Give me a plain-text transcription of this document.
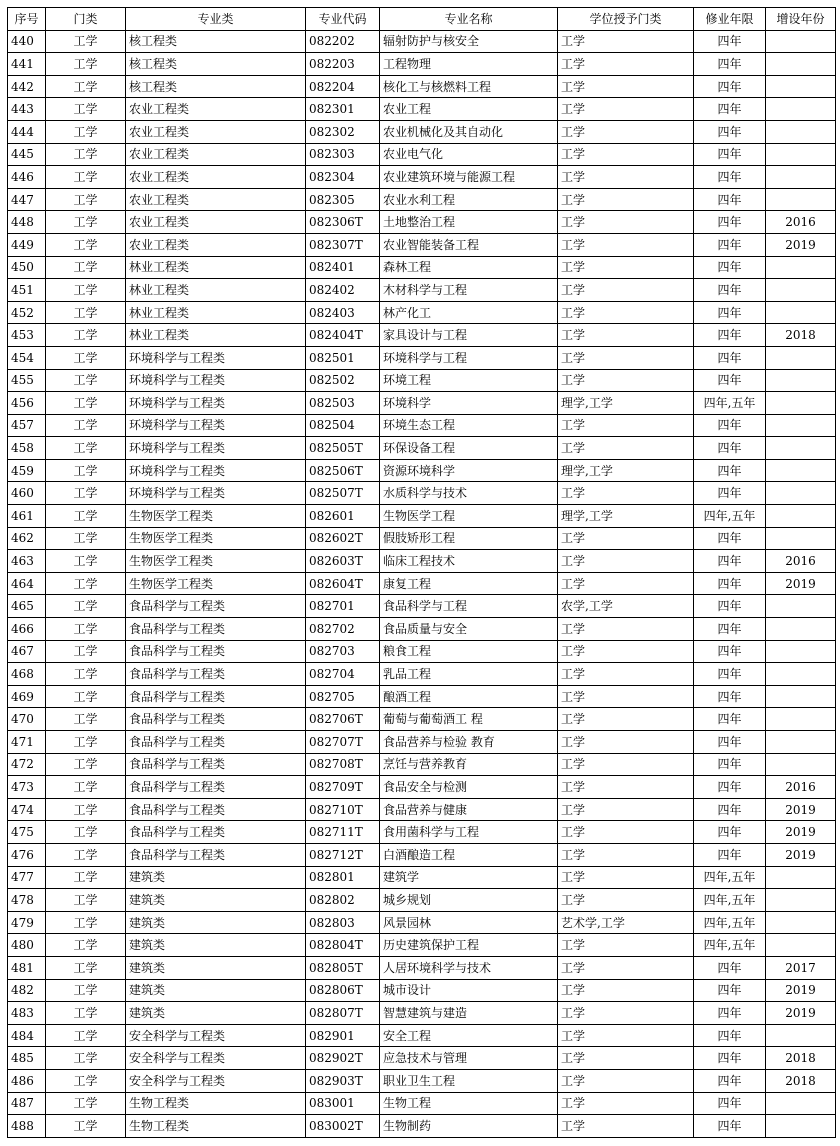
序号	门类	专业类	专业代码	专业名称	学位授予门类	修业年限	增设年份
440	工学	核工程类	082202	辐射防护与核安全	工学	四年	
441	工学	核工程类	082203	工程物理	工学	四年	
442	工学	核工程类	082204	核化工与核燃料工程	工学	四年	
443	工学	农业工程类	082301	农业工程	工学	四年	
444	工学	农业工程类	082302	农业机械化及其自动化	工学	四年	
445	工学	农业工程类	082303	农业电气化	工学	四年	
446	工学	农业工程类	082304	农业建筑环境与能源工程	工学	四年	
447	工学	农业工程类	082305	农业水利工程	工学	四年	
448	工学	农业工程类	082306T	土地整治工程	工学	四年	2016
449	工学	农业工程类	082307T	农业智能装备工程	工学	四年	2019
450	工学	林业工程类	082401	森林工程	工学	四年	
451	工学	林业工程类	082402	木材科学与工程	工学	四年	
452	工学	林业工程类	082403	林产化工	工学	四年	
453	工学	林业工程类	082404T	家具设计与工程	工学	四年	2018
454	工学	环境科学与工程类	082501	环境科学与工程	工学	四年	
455	工学	环境科学与工程类	082502	环境工程	工学	四年	
456	工学	环境科学与工程类	082503	环境科学	理学,工学	四年,五年	
457	工学	环境科学与工程类	082504	环境生态工程	工学	四年	
458	工学	环境科学与工程类	082505T	环保设备工程	工学	四年	
459	工学	环境科学与工程类	082506T	资源环境科学	理学,工学	四年	
460	工学	环境科学与工程类	082507T	水质科学与技术	工学	四年	
461	工学	生物医学工程类	082601	生物医学工程	理学,工学	四年,五年	
462	工学	生物医学工程类	082602T	假肢矫形工程	工学	四年	
463	工学	生物医学工程类	082603T	临床工程技术	工学	四年	2016
464	工学	生物医学工程类	082604T	康复工程	工学	四年	2019
465	工学	食品科学与工程类	082701	食品科学与工程	农学,工学	四年	
466	工学	食品科学与工程类	082702	食品质量与安全	工学	四年	
467	工学	食品科学与工程类	082703	粮食工程	工学	四年	
468	工学	食品科学与工程类	082704	乳品工程	工学	四年	
469	工学	食品科学与工程类	082705	酿酒工程	工学	四年	
470	工学	食品科学与工程类	082706T	葡萄与葡萄酒工 程	工学	四年	
471	工学	食品科学与工程类	082707T	食品营养与检验 教育	工学	四年	
472	工学	食品科学与工程类	082708T	烹饪与营养教育	工学	四年	
473	工学	食品科学与工程类	082709T	食品安全与检测	工学	四年	2016
474	工学	食品科学与工程类	082710T	食品营养与健康	工学	四年	2019
475	工学	食品科学与工程类	082711T	食用菌科学与工程	工学	四年	2019
476	工学	食品科学与工程类	082712T	白酒酿造工程	工学	四年	2019
477	工学	建筑类	082801	建筑学	工学	四年,五年	
478	工学	建筑类	082802	城乡规划	工学	四年,五年	
479	工学	建筑类	082803	风景园林	艺术学,工学	四年,五年	
480	工学	建筑类	082804T	历史建筑保护工程	工学	四年,五年	
481	工学	建筑类	082805T	人居环境科学与技术	工学	四年	2017
482	工学	建筑类	082806T	城市设计	工学	四年	2019
483	工学	建筑类	082807T	智慧建筑与建造	工学	四年	2019
484	工学	安全科学与工程类	082901	安全工程	工学	四年	
485	工学	安全科学与工程类	082902T	应急技术与管理	工学	四年	2018
486	工学	安全科学与工程类	082903T	职业卫生工程	工学	四年	2018
487	工学	生物工程类	083001	生物工程	工学	四年	
488	工学	生物工程类	083002T	生物制药	工学	四年	
